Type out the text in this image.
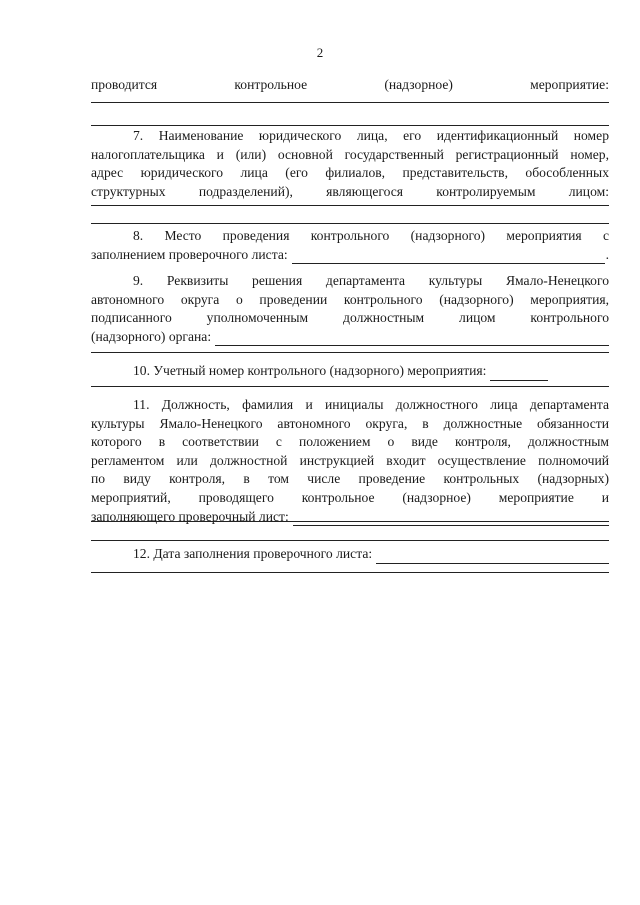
2
проводится	контрольное	(надзорное)	мероприятие:
7. Наименование юридического лица, его идентификационный номер
налогоплательщика и (или) основной государственный регистрационный номер,
адрес юридического лица (его филиалов, представительств, обособленных
структурных подразделений), являющегося контролируемым лицом:
8. Место проведения контрольного (надзорного) мероприятия с
заполнением проверочного листа:	.
9. Реквизиты решения департамента культуры Ямало-Ненецкого
автономного округа о проведении контрольного (надзорного) мероприятия,
подписанного уполномоченным должностным лицом контрольного
(надзорного) органа:
10. Учетный номер контрольного (надзорного) мероприятия:
11. Должность, фамилия и инициалы должностного лица департамента
культуры Ямало-Ненецкого автономного округа, в должностные обязанности
которого в соответствии с положением о виде контроля, должностным
регламентом или должностной инструкцией входит осуществление полномочий
по виду контроля, в том числе проведение контрольных (надзорных)
мероприятий, проводящего контрольное (надзорное) мероприятие и
заполняющего проверочный лист:
12. Дата заполнения проверочного листа:
